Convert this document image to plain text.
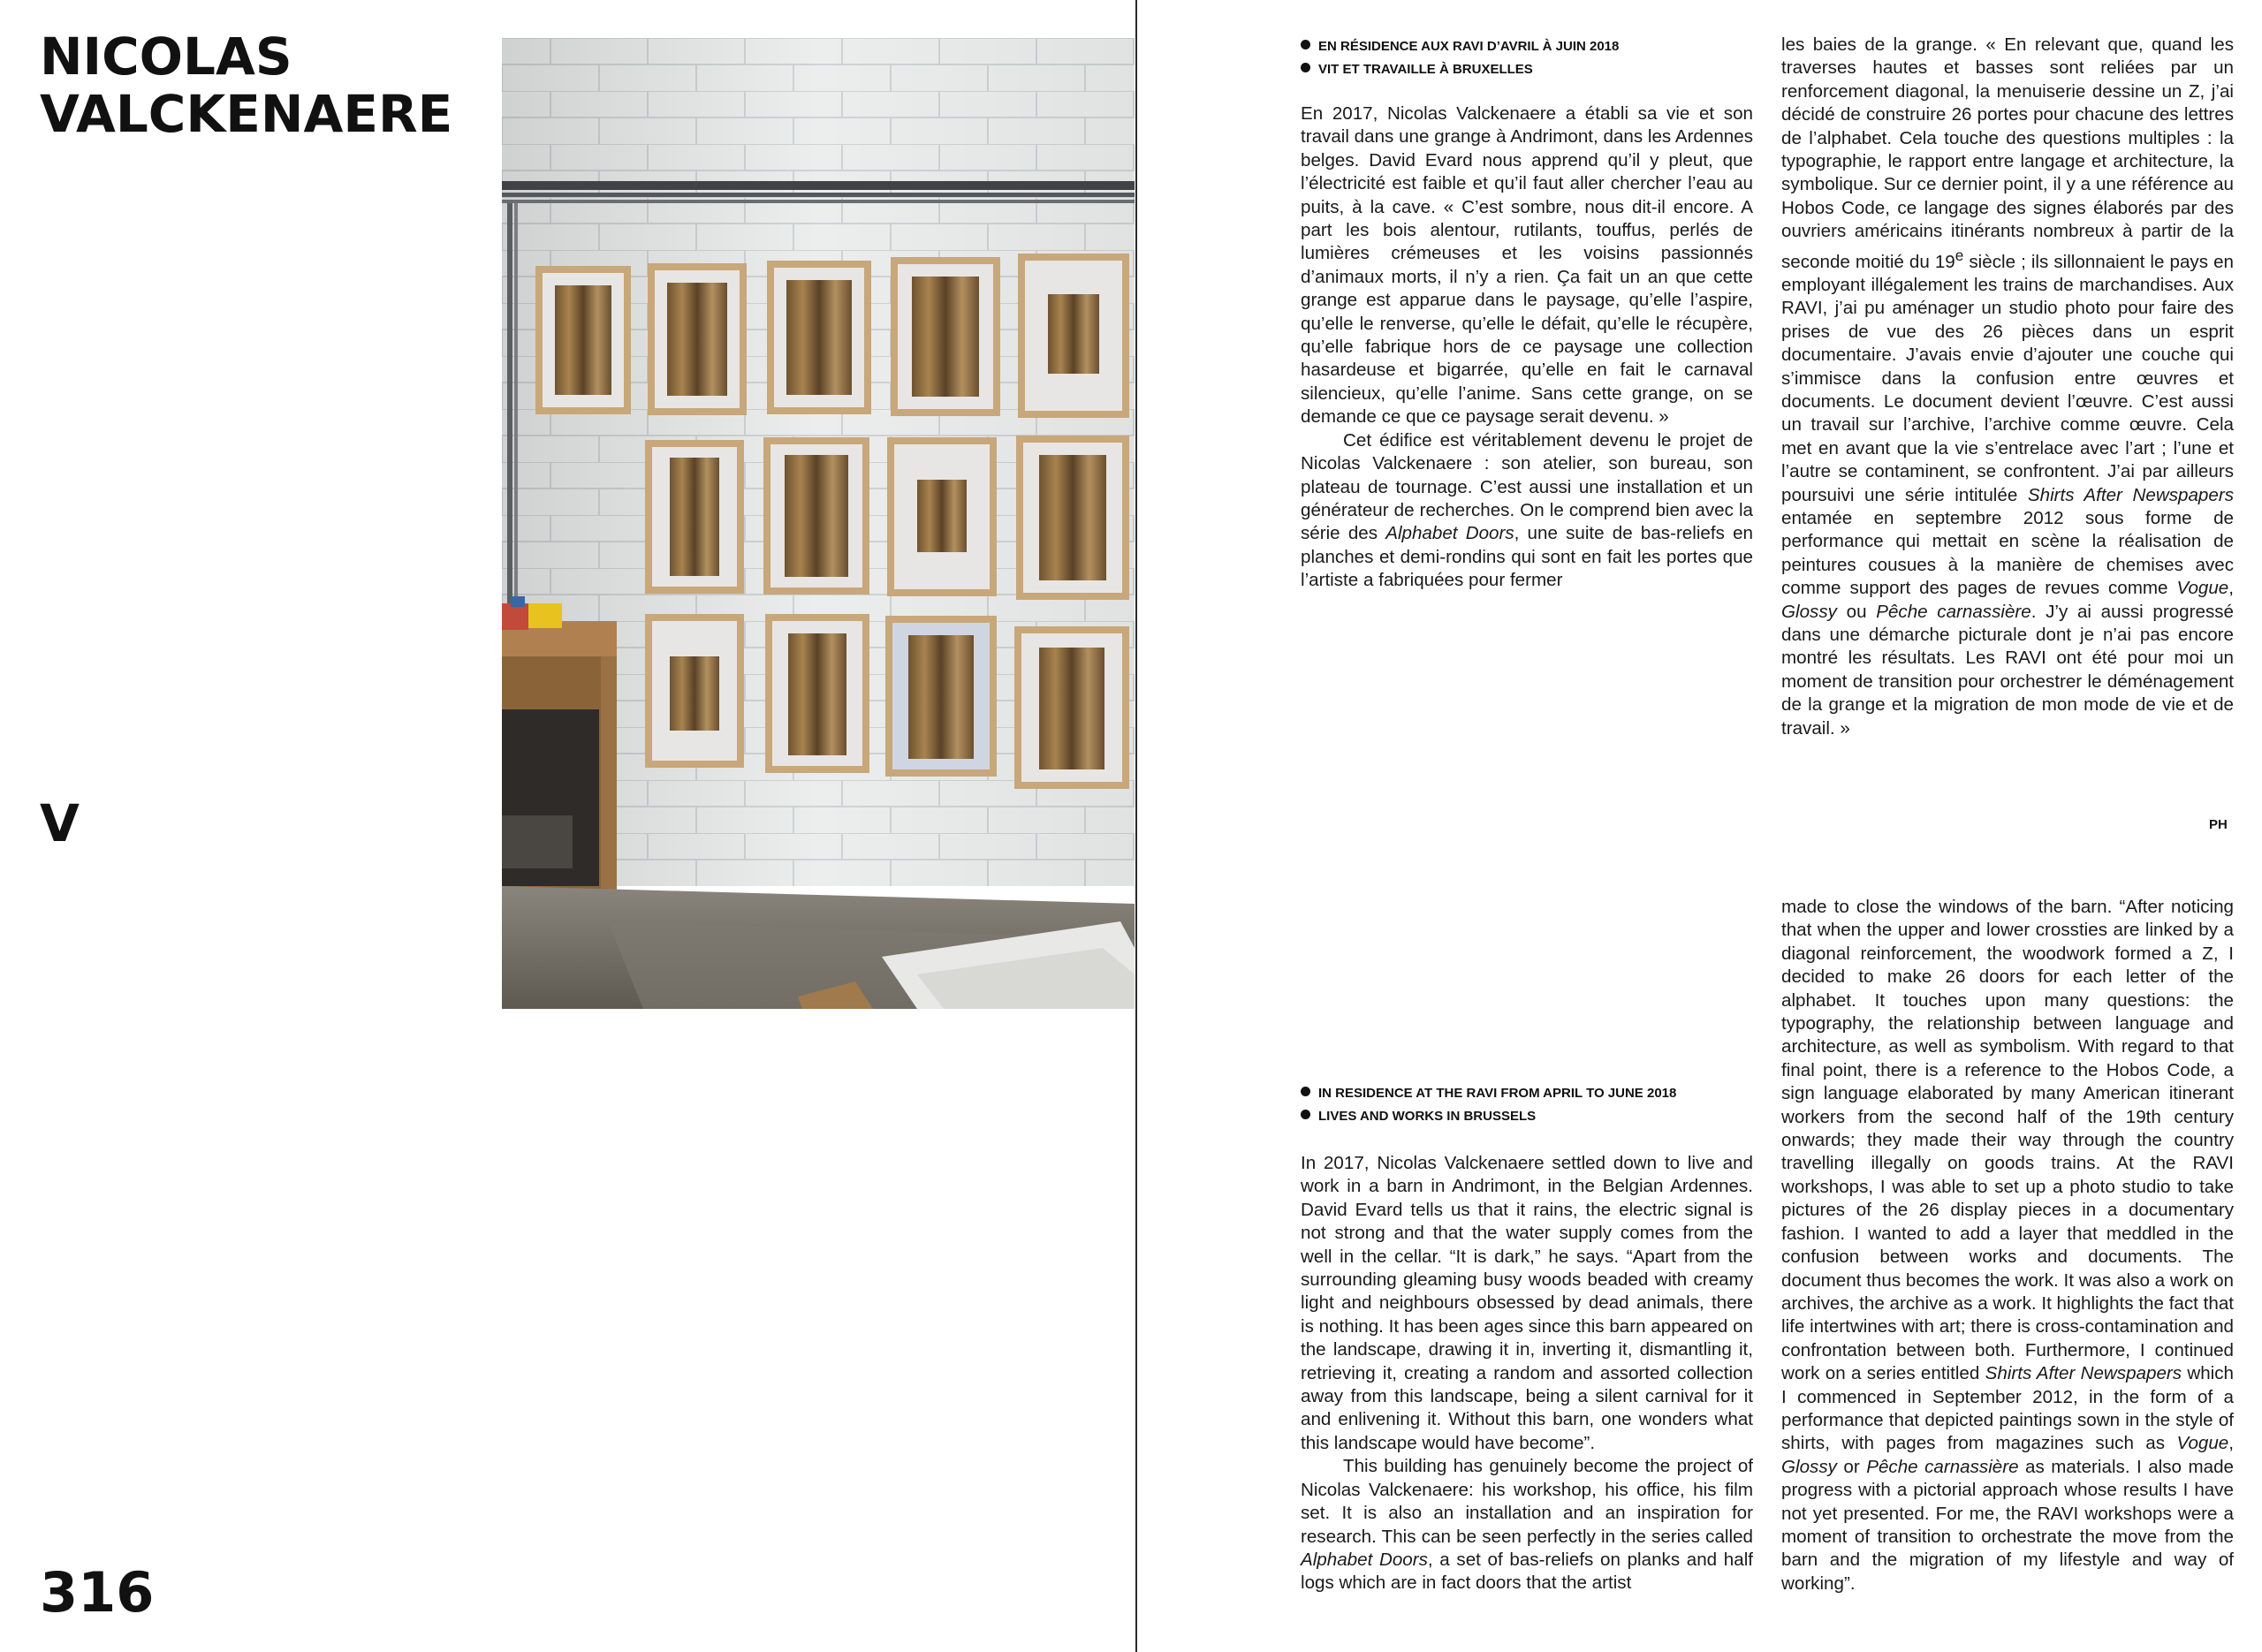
NICOLAS
VALCKENAERE
V
316
EN RÉSIDENCE AUX RAVI D’AVRIL À JUIN 2018
VIT ET TRAVAILLE À BRUXELLES

En 2017, Nicolas Valckenaere a établi sa vie et son travail dans une grange à Andrimont, dans les Ardennes belges. David Evard nous apprend qu’il y pleut, que l’électricité est faible et qu’il faut aller chercher l’eau au puits, à la cave. « C’est sombre, nous dit-il encore. A part les bois alentour, rutilants, touffus, perlés de lumières crémeuses et les voisins passionnés d’animaux morts, il n’y a rien. Ça fait un an que cette grange est apparue dans le paysage, qu’elle l’aspire, qu’elle le renverse, qu’elle le défait, qu’elle le récupère, qu’elle fabrique hors de ce paysage une collection hasardeuse et bigarrée, qu’elle en fait le carnaval silencieux, qu’elle l’anime. Sans cette grange, on se demande ce que ce paysage serait devenu. »

Cet édifice est véritablement devenu le projet de Nicolas Valckenaere : son atelier, son bureau, son plateau de tournage. C’est aussi une installation et un générateur de recherches. On le comprend bien avec la série des Alphabet Doors, une suite de bas-reliefs en planches et demi-rondins qui sont en fait les portes que l’artiste a fabriquées pour fermer

les baies de la grange. « En relevant que, quand les traverses hautes et basses sont reliées par un renforcement diagonal, la menuiserie dessine un Z, j’ai décidé de construire 26 portes pour chacune des lettres de l’alphabet. Cela touche des questions multiples : la typographie, le rapport entre langage et architecture, la symbolique. Sur ce dernier point, il y a une référence au Hobos Code, ce langage des signes élaborés par des ouvriers américains itinérants nombreux à partir de la seconde moitié du 19e siècle ; ils sillonnaient le pays en employant illégalement les trains de marchandises. Aux RAVI, j’ai pu aménager un studio photo pour faire des prises de vue des 26 pièces dans un esprit documentaire. J’avais envie d’ajouter une couche qui s’immisce dans la confusion entre œuvres et documents. Le document devient l’œuvre. C’est aussi un travail sur l’archive, l’archive comme œuvre. Cela met en avant que la vie s’entrelace avec l’art ; l’une et l’autre se contaminent, se confrontent. J’ai par ailleurs poursuivi une série intitulée Shirts After Newspapers entamée en septembre 2012 sous forme de performance qui mettait en scène la réalisation de peintures cousues à la manière de chemises avec comme support des pages de revues comme Vogue, Glossy ou Pêche carnassière. J’y ai aussi progressé dans une démarche picturale dont je n’ai pas encore montré les résultats. Les RAVI ont été pour moi un moment de transition pour orchestrer le déménagement de la grange et la migration de mon mode de vie et de travail. »

PH
IN RESIDENCE AT THE RAVI FROM APRIL TO JUNE 2018
LIVES AND WORKS IN BRUSSELS

In 2017, Nicolas Valckenaere settled down to live and work in a barn in Andrimont, in the Belgian Ardennes. David Evard tells us that it rains, the electric signal is not strong and that the water supply comes from the well in the cellar. “It is dark,” he says. “Apart from the surrounding gleaming busy woods beaded with creamy light and neighbours obsessed by dead animals, there is nothing. It has been ages since this barn appeared on the landscape, drawing it in, inverting it, dismantling it, retrieving it, creating a random and assorted collection away from this landscape, being a silent carnival for it and enlivening it. Without this barn, one wonders what this landscape would have become”.

This building has genuinely become the project of Nicolas Valckenaere: his workshop, his office, his film set. It is also an installation and an inspiration for research. This can be seen perfectly in the series called Alphabet Doors, a set of bas-reliefs on planks and half logs which are in fact doors that the artist

made to close the windows of the barn. “After noticing that when the upper and lower crossties are linked by a diagonal reinforcement, the woodwork formed a Z, I decided to make 26 doors for each letter of the alphabet. It touches upon many questions: the typography, the relationship between language and architecture, as well as symbolism. With regard to that final point, there is a reference to the Hobos Code, a sign language elaborated by many American itinerant workers from the second half of the 19th century onwards; they made their way through the country travelling illegally on goods trains. At the RAVI workshops, I was able to set up a photo studio to take pictures of the 26 display pieces in a documentary fashion. I wanted to add a layer that meddled in the confusion between works and documents. The document thus becomes the work. It was also a work on archives, the archive as a work. It highlights the fact that life intertwines with art; there is cross-contamination and confrontation between both. Furthermore, I continued work on a series entitled Shirts After Newspapers which I commenced in September 2012, in the form of a performance that depicted paintings sown in the style of shirts, with pages from magazines such as Vogue, Glossy or Pêche carnassière as materials. I also made progress with a pictorial approach whose results I have not yet presented. For me, the RAVI workshops were a moment of transition to orchestrate the move from the barn and the migration of my lifestyle and way of working”.
